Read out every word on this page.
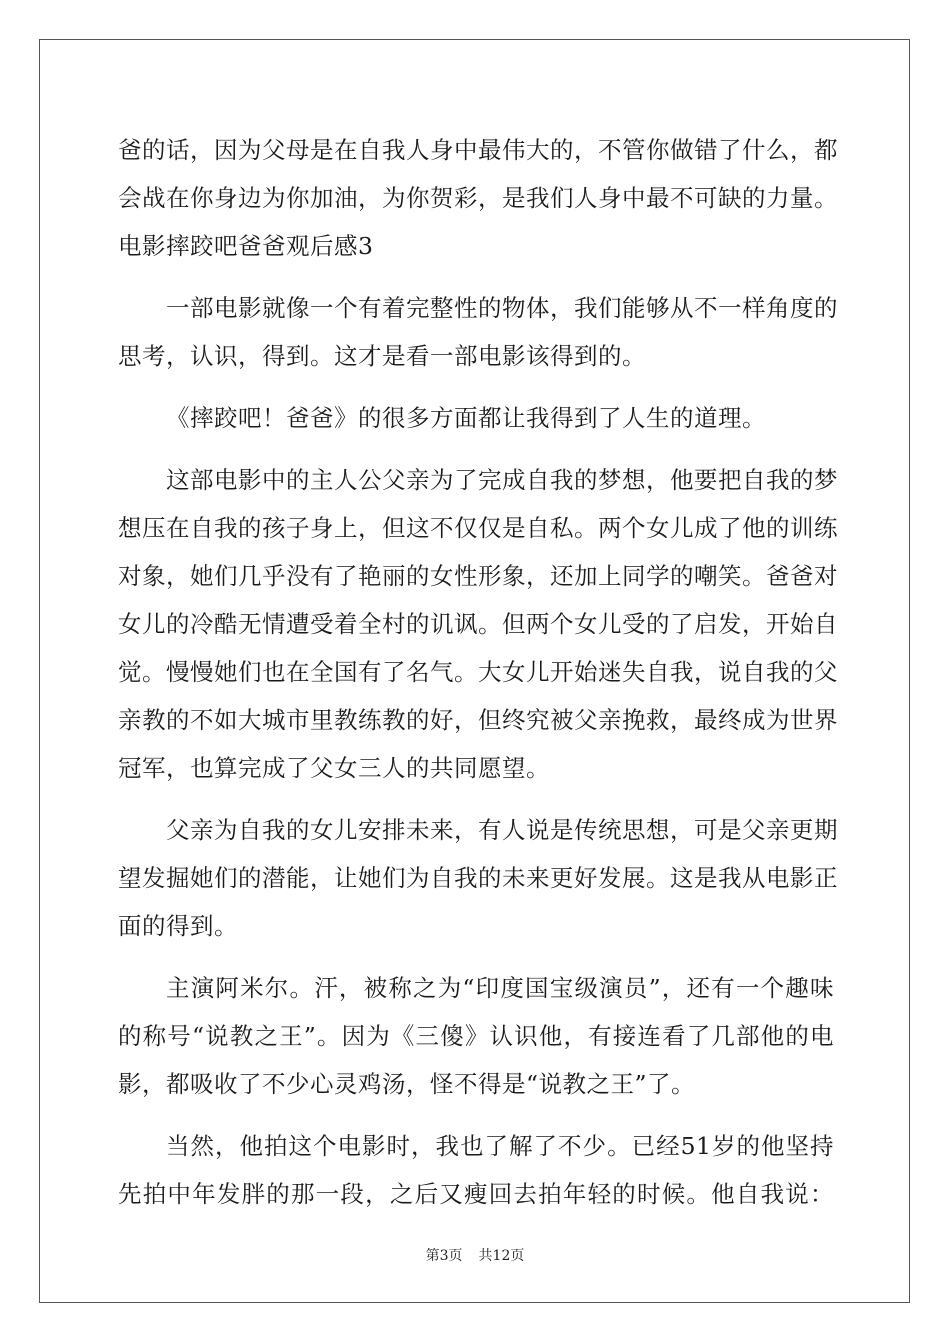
爸的话，因为父母是在自我人身中最伟大的，不管你做错了什么，都
会战在你身边为你加油，为你贺彩，是我们人身中最不可缺的力量。
电影摔跤吧爸爸观后感3
一部电影就像一个有着完整性的物体，我们能够从不一样角度的
思考，认识，得到。这才是看一部电影该得到的。
《摔跤吧！爸爸》的很多方面都让我得到了人生的道理。
这部电影中的主人公父亲为了完成自我的梦想，他要把自我的梦
想压在自我的孩子身上，但这不仅仅是自私。两个女儿成了他的训练
对象，她们几乎没有了艳丽的女性形象，还加上同学的嘲笑。爸爸对
女儿的冷酷无情遭受着全村的讥讽。但两个女儿受的了启发，开始自
觉。慢慢她们也在全国有了名气。大女儿开始迷失自我，说自我的父
亲教的不如大城市里教练教的好，但终究被父亲挽救，最终成为世界
冠军，也算完成了父女三人的共同愿望。
父亲为自我的女儿安排未来，有人说是传统思想，可是父亲更期
望发掘她们的潜能，让她们为自我的未来更好发展。这是我从电影正
面的得到。
主演阿米尔。汗，被称之为“印度国宝级演员”，还有一个趣味
的称号“说教之王”。因为《三傻》认识他，有接连看了几部他的电
影，都吸收了不少心灵鸡汤，怪不得是“说教之王”了。
当然，他拍这个电影时，我也了解了不少。已经51岁的他坚持
先拍中年发胖的那一段，之后又瘦回去拍年轻的时候。他自我说：
第3页 共12页
